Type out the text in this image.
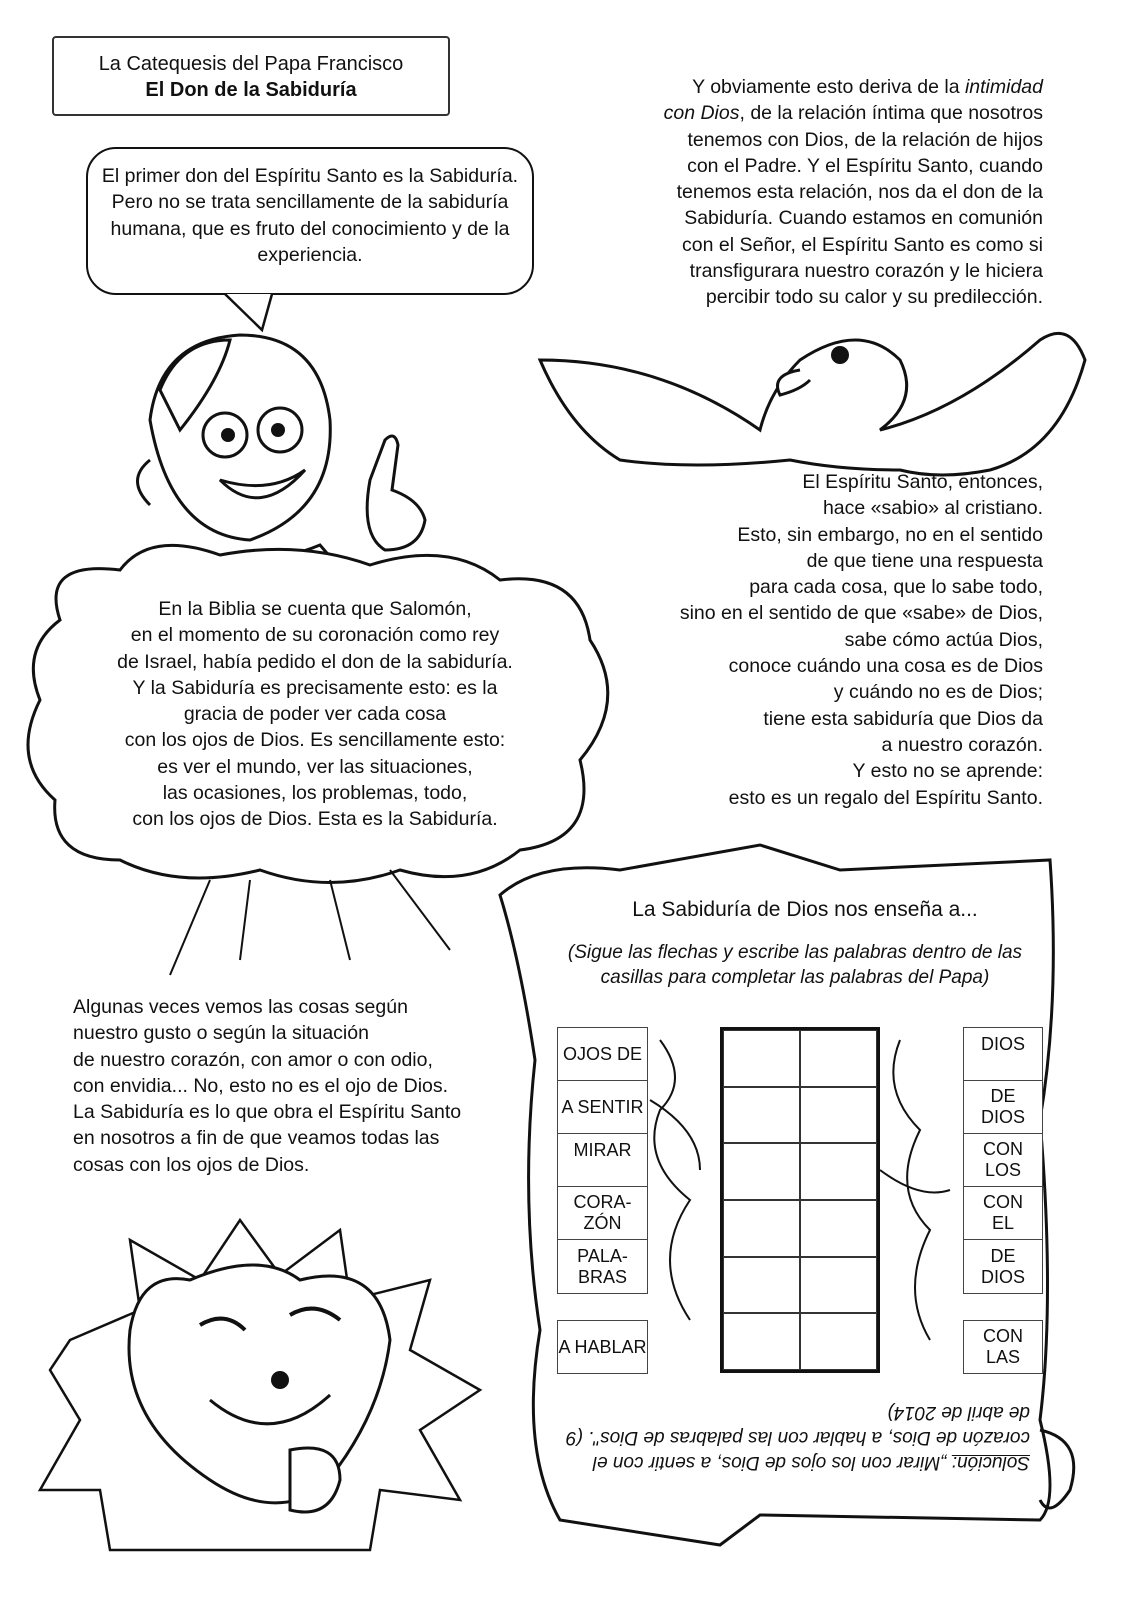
La Catequesis del Papa Francisco
El Don de la Sabiduría
El primer don del Espíritu Santo es la Sabiduría. Pero no se trata sencillamente de la sabiduría humana, que es fruto del conocimiento y de la experiencia.
Y obviamente esto deriva de la intimidad
con Dios, de la relación íntima que nosotros
tenemos con Dios, de la relación de hijos
con el Padre. Y el Espíritu Santo, cuando
tenemos esta relación, nos da el don de la
Sabiduría. Cuando estamos en comunión
con el Señor, el Espíritu Santo es como si
transfigurara nuestro corazón y le hiciera
percibir todo su calor y su predilección.
El Espíritu Santo, entonces,
hace «sabio» al cristiano.
Esto, sin embargo, no en el sentido
de que tiene una respuesta
para cada cosa, que lo sabe todo,
sino en el sentido de que «sabe» de Dios,
sabe cómo actúa Dios,
conoce cuándo una cosa es de Dios
y cuándo no es de Dios;
tiene esta sabiduría que Dios da
a nuestro corazón.
Y esto no se aprende:
esto es un regalo del Espíritu Santo.
En la Biblia se cuenta que Salomón,
en el momento de su coronación como rey
de Israel, había pedido el don de la sabiduría.
Y la Sabiduría es precisamente esto: es la
gracia de poder ver cada cosa
con los ojos de Dios. Es sencillamente esto:
es ver el mundo, ver las situaciones,
las ocasiones, los problemas, todo,
con los ojos de Dios. Esta es la Sabiduría.
Algunas veces vemos las cosas según
nuestro gusto o según la situación
de nuestro corazón, con amor o con odio,
con envidia... No, esto no es el ojo de Dios.
La Sabiduría es lo que obra el Espíritu Santo
en nosotros a fin de que veamos todas las
cosas con los ojos de Dios.
La Sabiduría de Dios nos enseña a...
(Sigue las flechas y escribe las palabras dentro de las casillas para completar las palabras del Papa)
OJOS DE
A SENTIR
MIRAR
CORA- ZÓN
PALA- BRAS
A HABLAR
DIOS
DE DIOS
CON LOS
CON EL
DE DIOS
CON LAS
Solución: „Mirar con los ojos de Dios, a sentir con el corazón de Dios, a hablar con las palabras de Dios". (9 de abril de 2014)
